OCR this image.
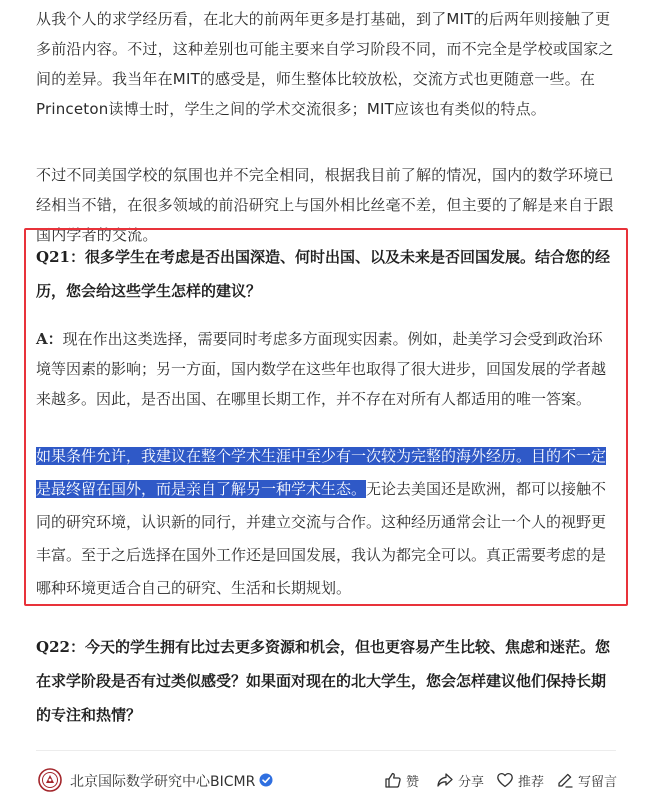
从我个人的求学经历看，在北大的前两年更多是打基础，到了MIT的后两年则接触了更多前沿内容。不过，这种差别也可能主要来自学习阶段不同，而不完全是学校或国家之间的差异。我当年在MIT的感受是，师生整体比较放松，交流方式也更随意一些。在Princeton读博士时，学生之间的学术交流很多；MIT应该也有类似的特点。

不过不同美国学校的氛围也并不完全相同，根据我目前了解的情况，国内的数学环境已经相当不错，在很多领域的前沿研究上与国外相比丝毫不差，但主要的了解是来自于跟国内学者的交流。

Q21：很多学生在考虑是否出国深造、何时出国、以及未来是否回国发展。结合您的经历，您会给这些学生怎样的建议？

A：现在作出这类选择，需要同时考虑多方面现实因素。例如，赴美学习会受到政治环境等因素的影响；另一方面，国内数学在这些年也取得了很大进步，回国发展的学者越来越多。因此，是否出国、在哪里长期工作，并不存在对所有人都适用的唯一答案。

如果条件允许，我建议在整个学术生涯中至少有一次较为完整的海外经历。目的不一定是最终留在国外，而是亲自了解另一种学术生态。无论去美国还是欧洲，都可以接触不同的研究环境，认识新的同行，并建立交流与合作。这种经历通常会让一个人的视野更丰富。至于之后选择在国外工作还是回国发展，我认为都完全可以。真正需要考虑的是哪种环境更适合自己的研究、生活和长期规划。

Q22：今天的学生拥有比过去更多资源和机会，但也更容易产生比较、焦虑和迷茫。您在求学阶段是否有过类似感受？如果面对现在的北大学生，您会怎样建议他们保持长期的专注和热情？

北京国际数学研究中心BICMR	赞	分享	推荐	写留言
